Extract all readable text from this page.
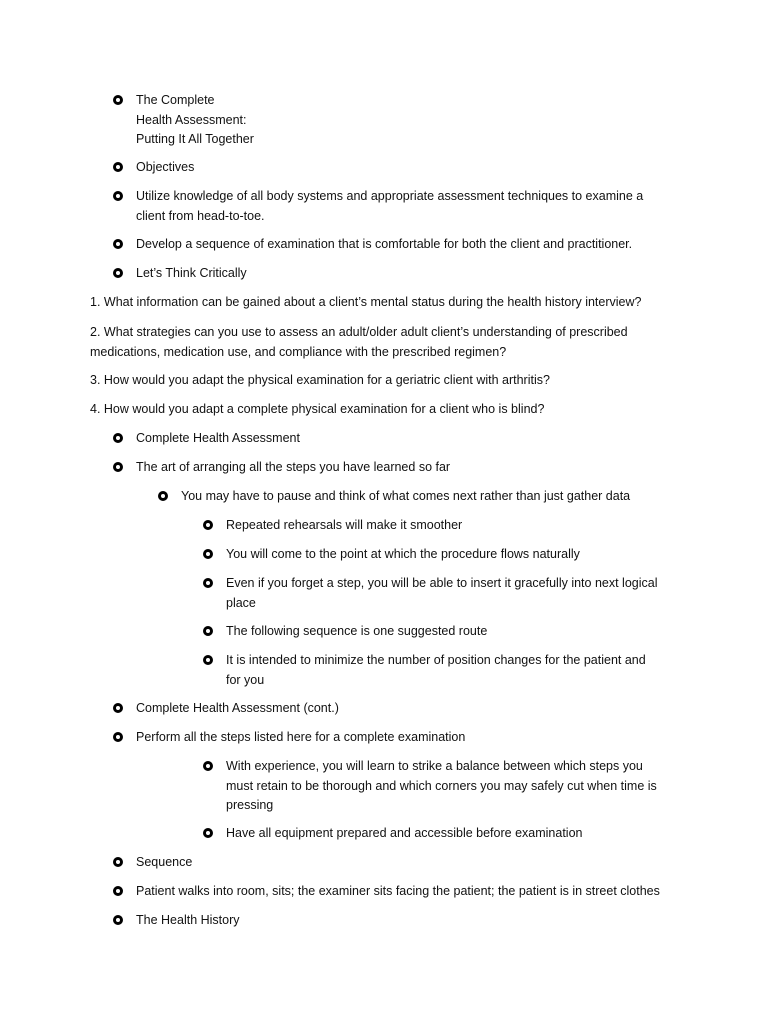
The Complete
Health Assessment:
Putting It All Together
Objectives
Utilize knowledge of all body systems and appropriate assessment techniques to examine a
client from head-to-toe.
Develop a sequence of examination that is comfortable for both the client and practitioner.
Let’s Think Critically
1. What information can be gained about a client’s mental status during the health history interview?
2. What strategies can you use to assess an adult/older adult client’s understanding of prescribed
medications, medication use, and compliance with the prescribed regimen?
3. How would you adapt the physical examination for a geriatric client with arthritis?
4. How would you adapt a complete physical examination for a client who is blind?
Complete Health Assessment
The art of arranging all the steps you have learned so far
You may have to pause and think of what comes next rather than just gather data
Repeated rehearsals will make it smoother
You will come to the point at which the procedure flows naturally
Even if you forget a step, you will be able to insert it gracefully into next logical
place
The following sequence is one suggested route
It is intended to minimize the number of position changes for the patient and
for you
Complete Health Assessment (cont.)
Perform all the steps listed here for a complete examination
With experience, you will learn to strike a balance between which steps you
must retain to be thorough and which corners you may safely cut when time is
pressing
Have all equipment prepared and accessible before examination
Sequence
Patient walks into room, sits; the examiner sits facing the patient; the patient is in street clothes
The Health History
